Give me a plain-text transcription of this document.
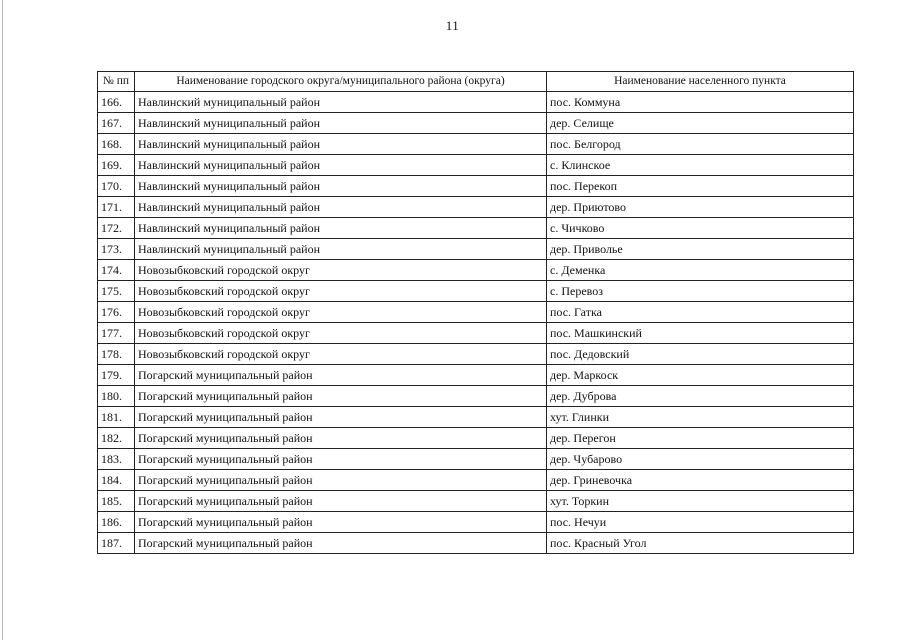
11
№ пп	Наименование городского округа/муниципального района (округа)	Наименование населенного пункта
166.	Навлинский муниципальный район	пос. Коммуна
167.	Навлинский муниципальный район	дер. Селище
168.	Навлинский муниципальный район	пос. Белгород
169.	Навлинский муниципальный район	с. Клинское
170.	Навлинский муниципальный район	пос. Перекоп
171.	Навлинский муниципальный район	дер. Приютово
172.	Навлинский муниципальный район	с. Чичково
173.	Навлинский муниципальный район	дер. Приволье
174.	Новозыбковский городской округ	с. Деменка
175.	Новозыбковский городской округ	с. Перевоз
176.	Новозыбковский городской округ	пос. Гатка
177.	Новозыбковский городской округ	пос. Машкинский
178.	Новозыбковский городской округ	пос. Дедовский
179.	Погарский муниципальный район	дер. Маркоск
180.	Погарский муниципальный район	дер. Дуброва
181.	Погарский муниципальный район	хут. Глинки
182.	Погарский муниципальный район	дер. Перегон
183.	Погарский муниципальный район	дер. Чубарово
184.	Погарский муниципальный район	дер. Гриневочка
185.	Погарский муниципальный район	хут. Торкин
186.	Погарский муниципальный район	пос. Нечуи
187.	Погарский муниципальный район	пос. Красный Угол
